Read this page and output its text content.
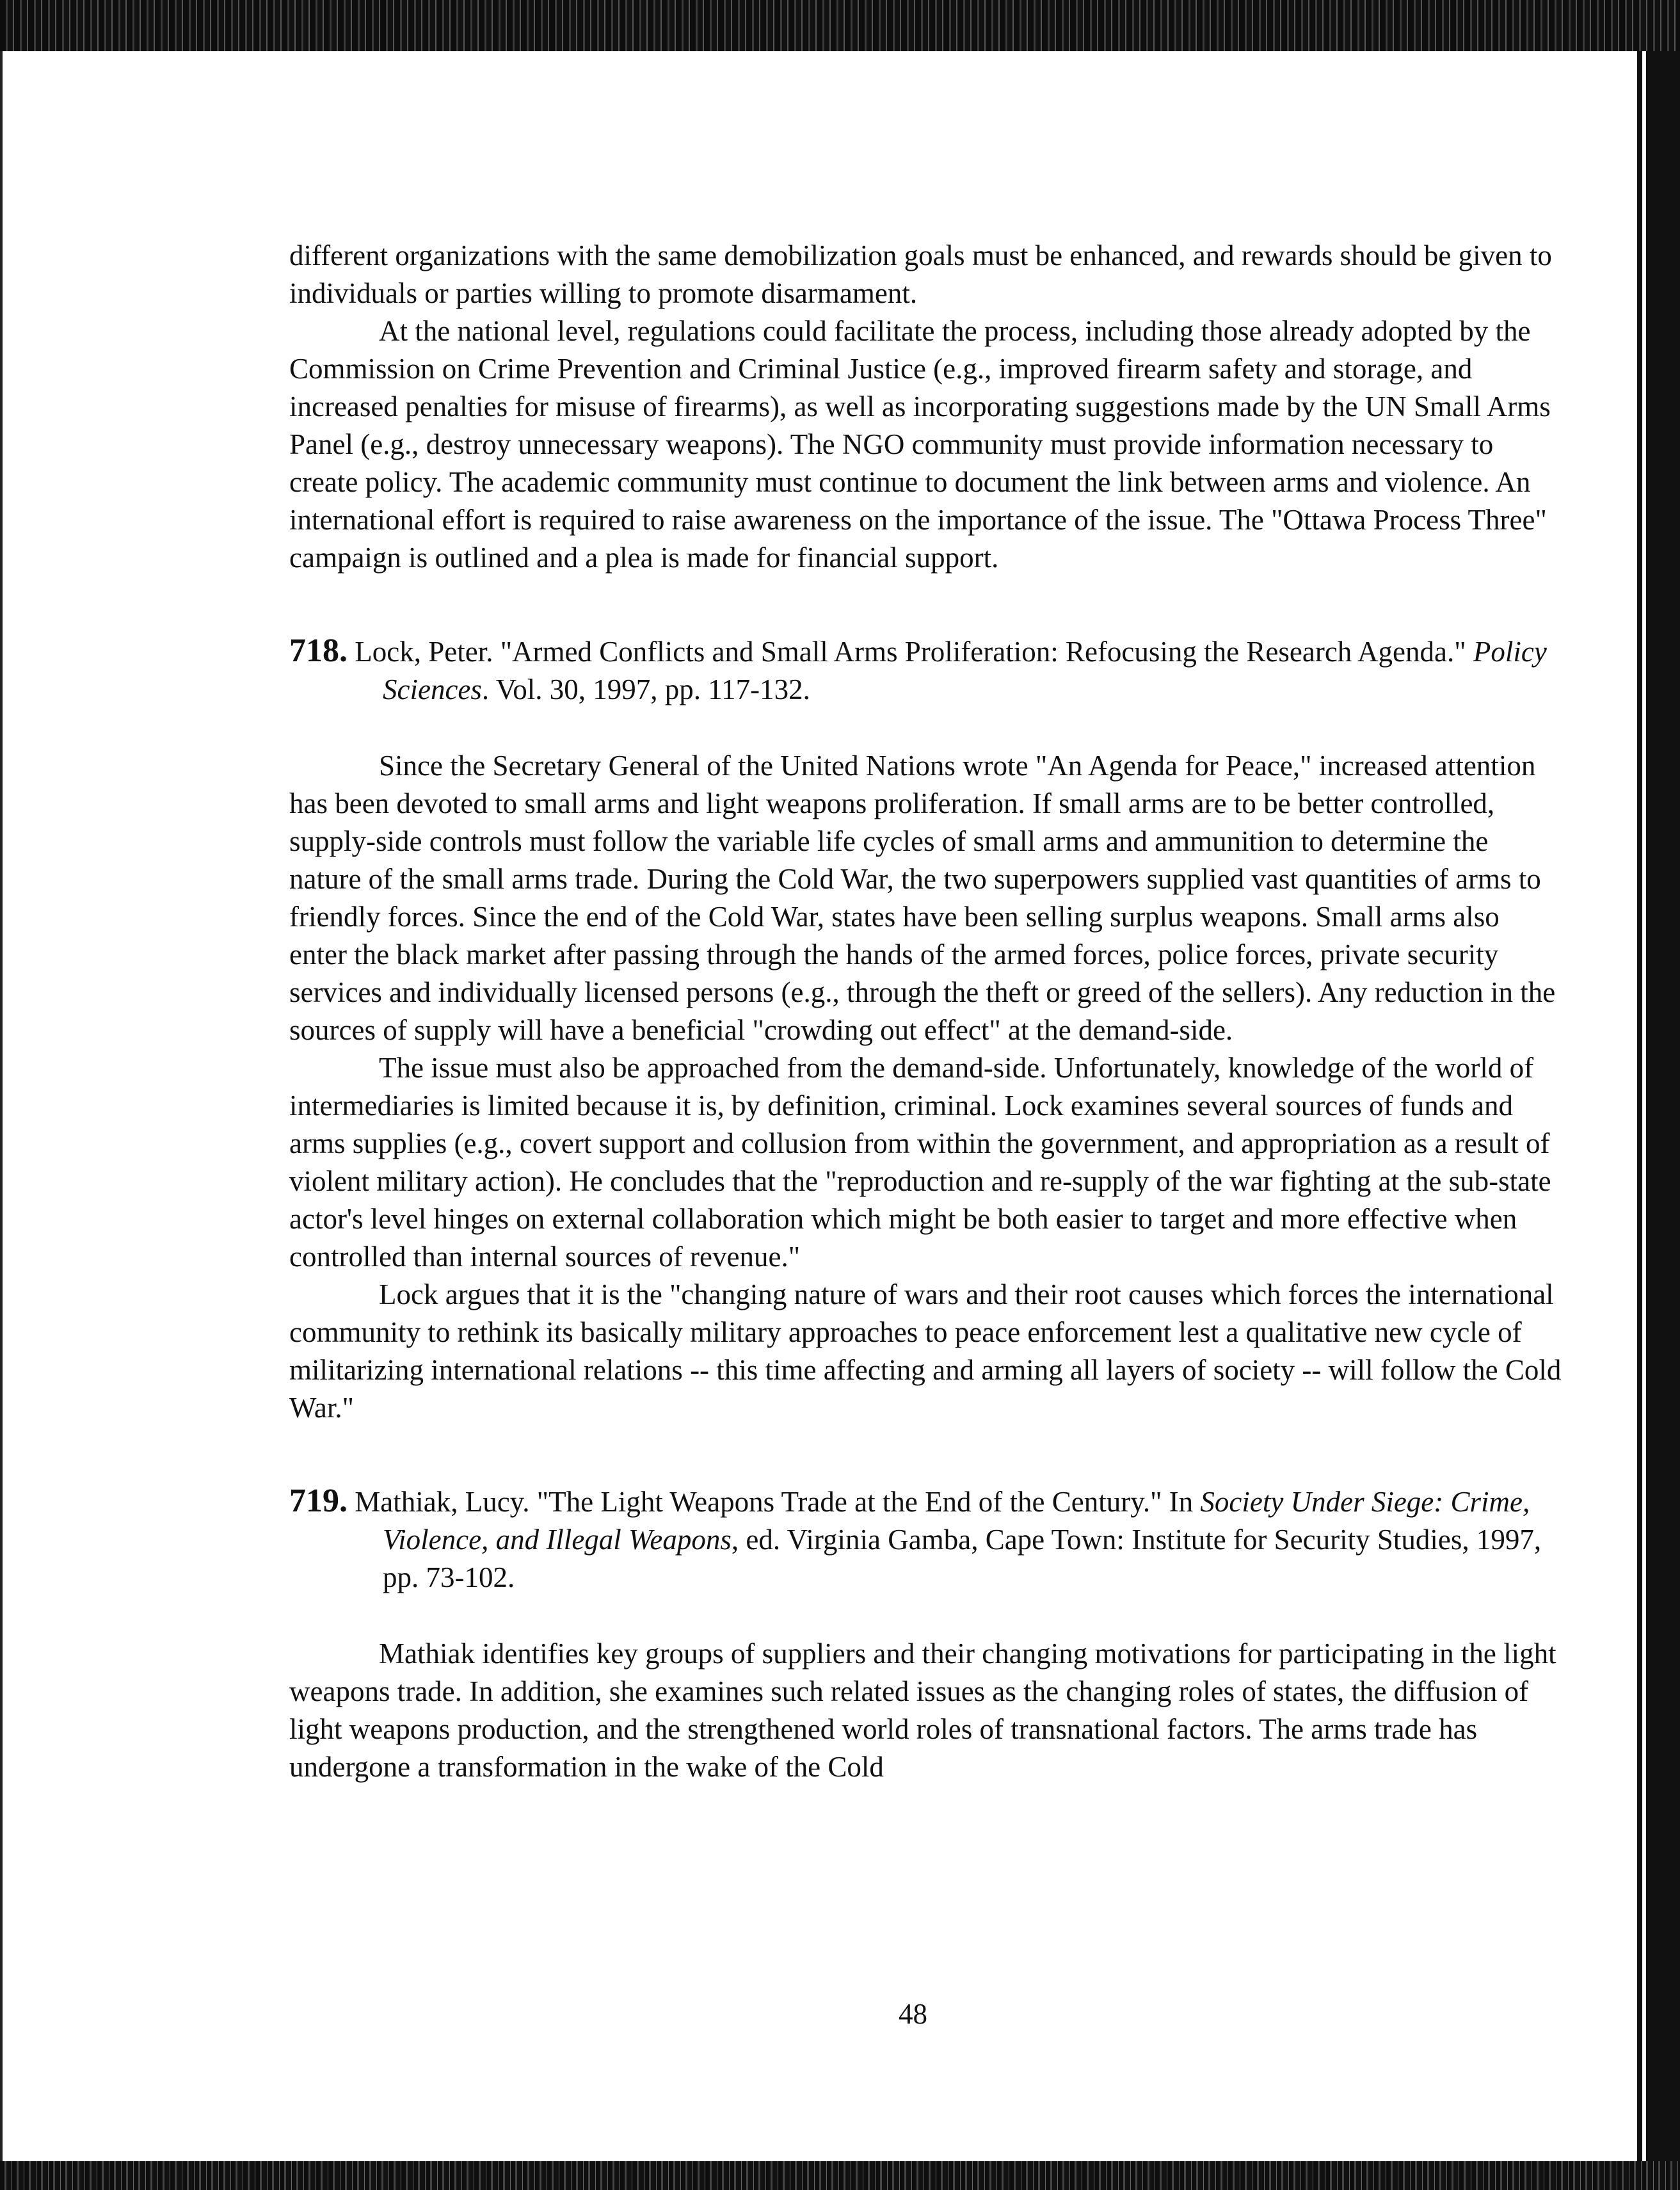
different organizations with the same demobilization goals must be enhanced, and rewards should be given to individuals or parties willing to promote disarmament.

At the national level, regulations could facilitate the process, including those already adopted by the Commission on Crime Prevention and Criminal Justice (e.g., improved firearm safety and storage, and increased penalties for misuse of firearms), as well as incorporating suggestions made by the UN Small Arms Panel (e.g., destroy unnecessary weapons). The NGO community must provide information necessary to create policy. The academic community must continue to document the link between arms and violence. An international effort is required to raise awareness on the importance of the issue. The "Ottawa Process Three" campaign is outlined and a plea is made for financial support.

718. Lock, Peter. "Armed Conflicts and Small Arms Proliferation: Refocusing the Research Agenda." Policy Sciences. Vol. 30, 1997, pp. 117-132.

Since the Secretary General of the United Nations wrote "An Agenda for Peace," increased attention has been devoted to small arms and light weapons proliferation. If small arms are to be better controlled, supply-side controls must follow the variable life cycles of small arms and ammunition to determine the nature of the small arms trade. During the Cold War, the two superpowers supplied vast quantities of arms to friendly forces. Since the end of the Cold War, states have been selling surplus weapons. Small arms also enter the black market after passing through the hands of the armed forces, police forces, private security services and individually licensed persons (e.g., through the theft or greed of the sellers). Any reduction in the sources of supply will have a beneficial "crowding out effect" at the demand-side.

The issue must also be approached from the demand-side. Unfortunately, knowledge of the world of intermediaries is limited because it is, by definition, criminal. Lock examines several sources of funds and arms supplies (e.g., covert support and collusion from within the government, and appropriation as a result of violent military action). He concludes that the "reproduction and re-supply of the war fighting at the sub-state actor's level hinges on external collaboration which might be both easier to target and more effective when controlled than internal sources of revenue."

Lock argues that it is the "changing nature of wars and their root causes which forces the international community to rethink its basically military approaches to peace enforcement lest a qualitative new cycle of militarizing international relations -- this time affecting and arming all layers of society -- will follow the Cold War."

719. Mathiak, Lucy. "The Light Weapons Trade at the End of the Century." In Society Under Siege: Crime, Violence, and Illegal Weapons, ed. Virginia Gamba, Cape Town: Institute for Security Studies, 1997, pp. 73-102.

Mathiak identifies key groups of suppliers and their changing motivations for participating in the light weapons trade. In addition, she examines such related issues as the changing roles of states, the diffusion of light weapons production, and the strengthened world roles of transnational factors. The arms trade has undergone a transformation in the wake of the Cold

48
